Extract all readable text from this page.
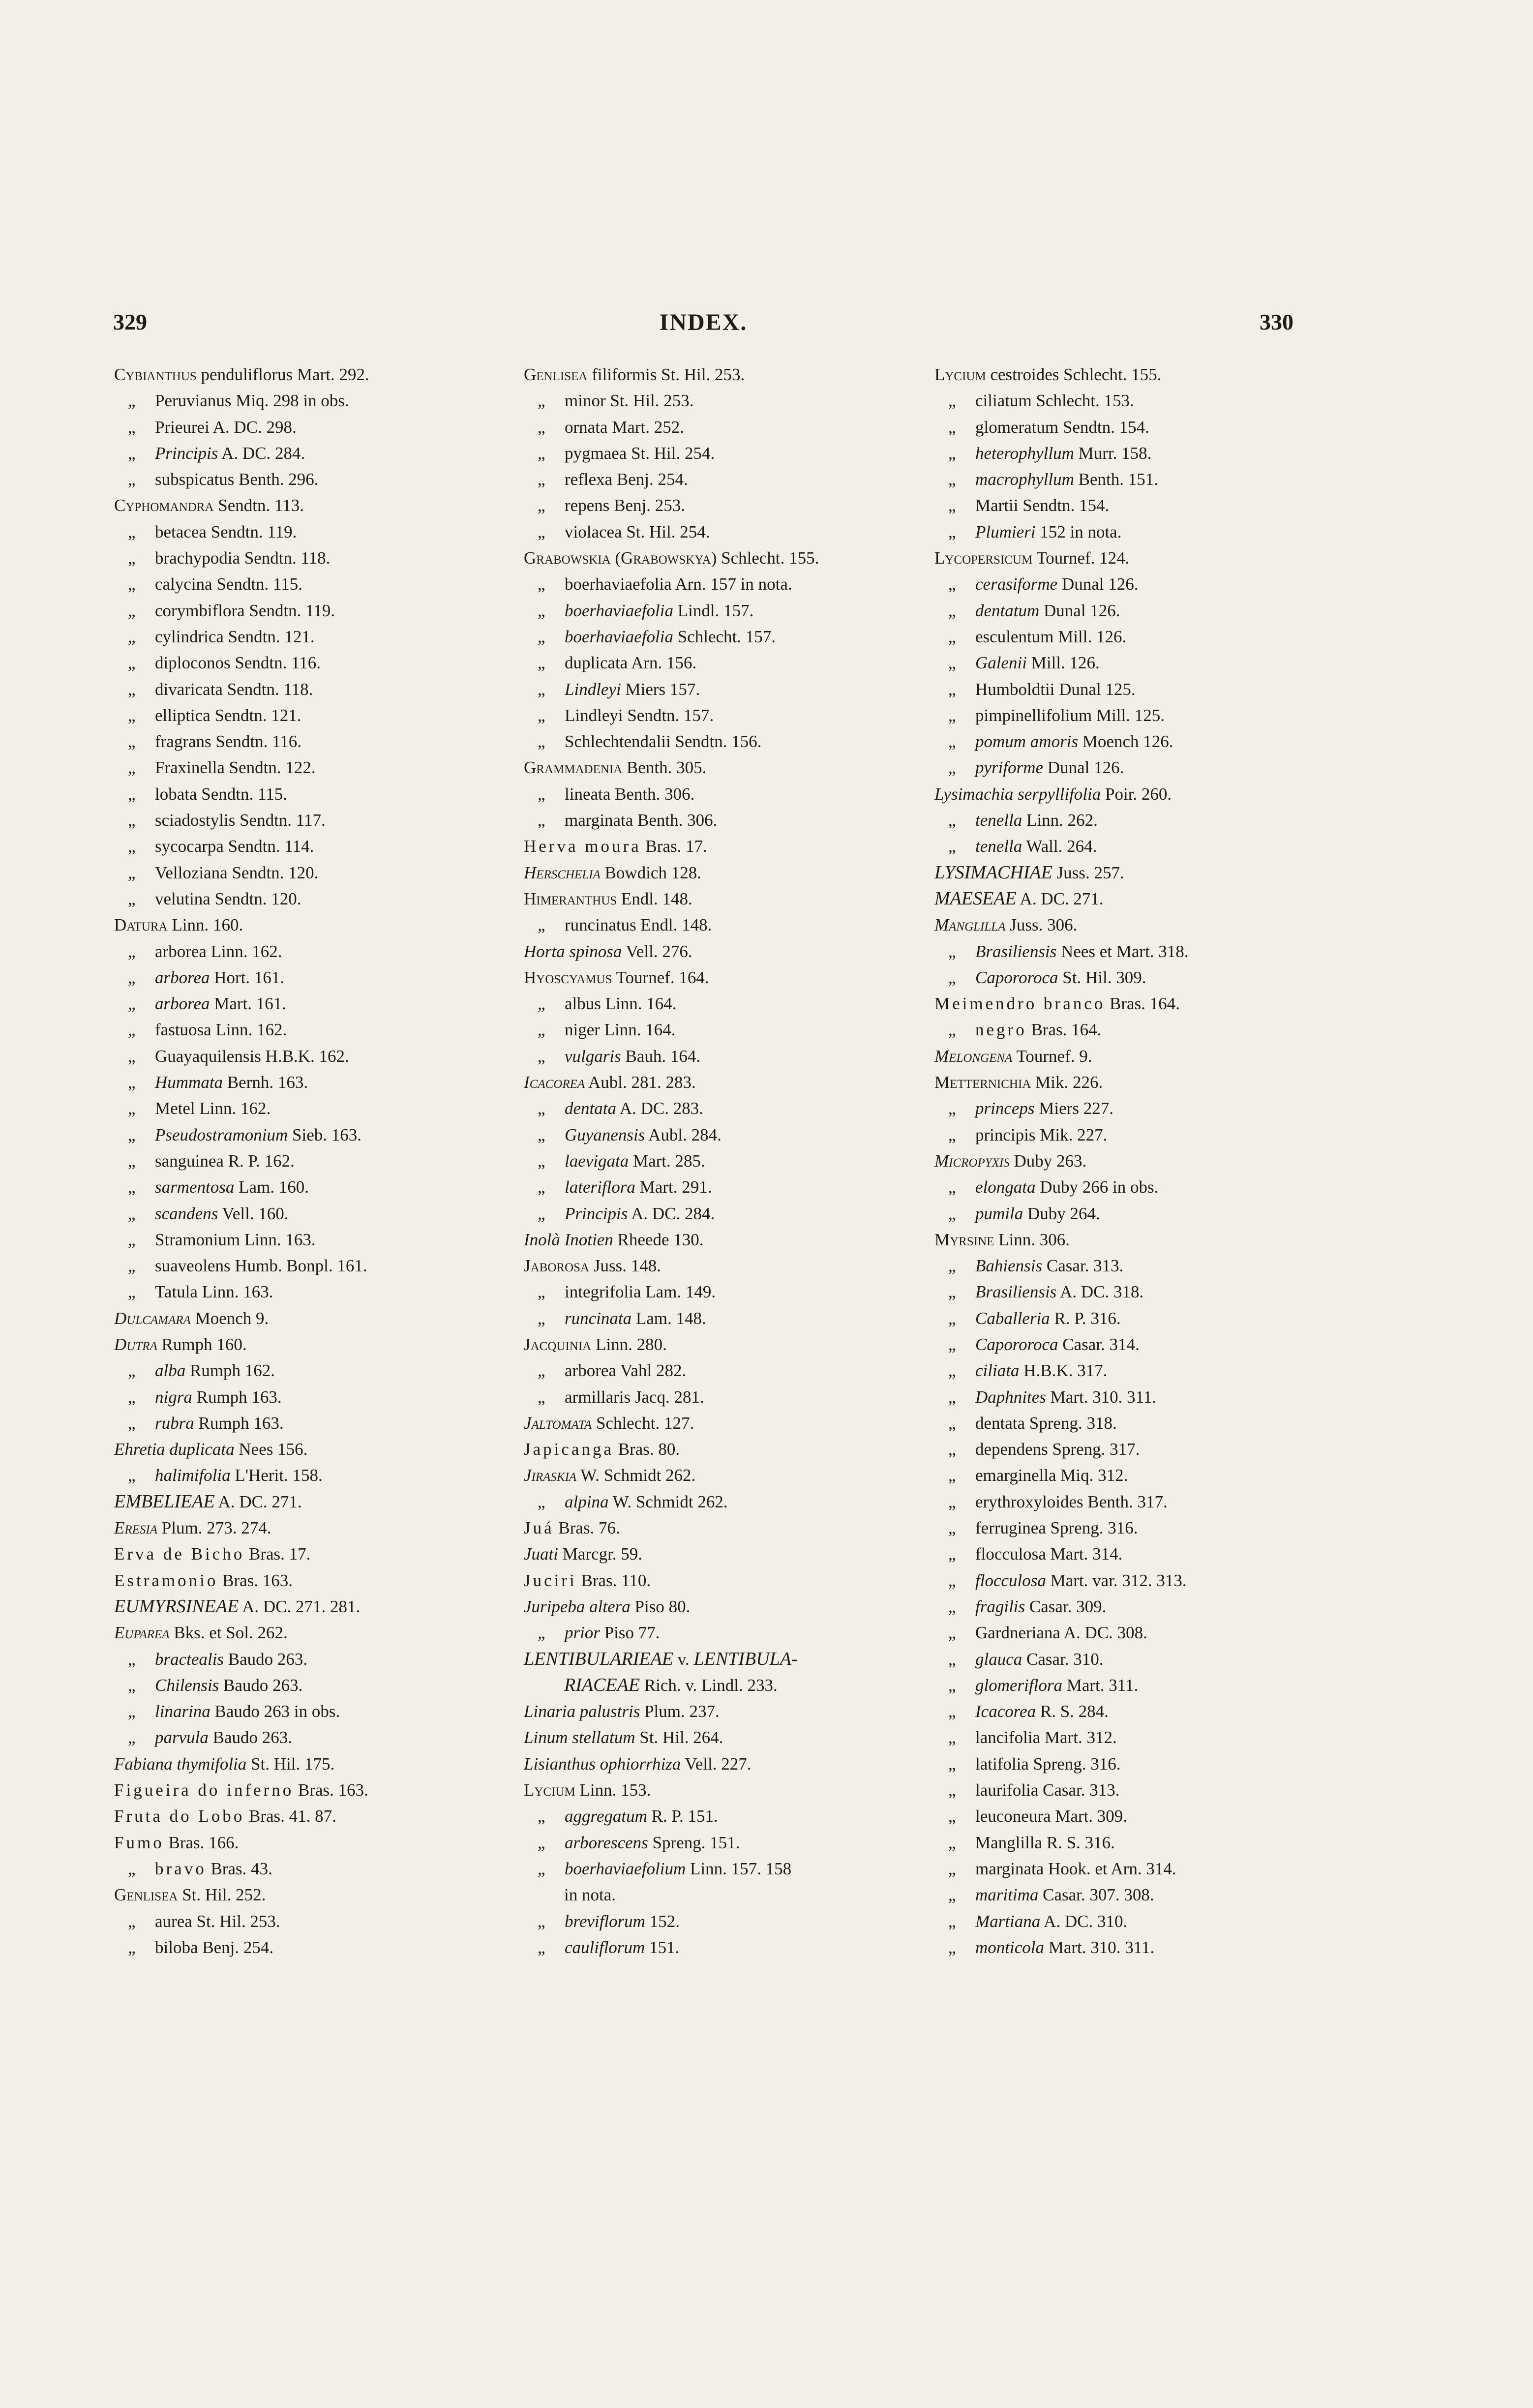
329	INDEX.	330
Cybianthus penduliflorus Mart. 292.
„ Peruvianus Miq. 298 in obs.
„ Prieurei A. DC. 298.
„ Principis A. DC. 284.
„ subspicatus Benth. 296.
Cyphomandra Sendtn. 113.
„ betacea Sendtn. 119.
„ brachypodia Sendtn. 118.
„ calycina Sendtn. 115.
„ corymbiflora Sendtn. 119.
„ cylindrica Sendtn. 121.
„ diploconos Sendtn. 116.
„ divaricata Sendtn. 118.
„ elliptica Sendtn. 121.
„ fragrans Sendtn. 116.
„ Fraxinella Sendtn. 122.
„ lobata Sendtn. 115.
„ sciadostylis Sendtn. 117.
„ sycocarpa Sendtn. 114.
„ Velloziana Sendtn. 120.
„ velutina Sendtn. 120.
Datura Linn. 160.
„ arborea Linn. 162.
„ arborea Hort. 161.
„ arborea Mart. 161.
„ fastuosa Linn. 162.
„ Guayaquilensis H.B.K. 162.
„ Hummata Bernh. 163.
„ Metel Linn. 162.
„ Pseudostramonium Sieb. 163.
„ sanguinea R. P. 162.
„ sarmentosa Lam. 160.
„ scandens Vell. 160.
„ Stramonium Linn. 163.
„ suaveolens Humb. Bonpl. 161.
„ Tatula Linn. 163.
Dulcamara Moench 9.
Dutra Rumph 160.
„ alba Rumph 162.
„ nigra Rumph 163.
„ rubra Rumph 163.
Ehretia duplicata Nees 156.
„ halimifolia L'Herit. 158.
EMBELIEAE A. DC. 271.
Eresia Plum. 273. 274.
Erva de Bicho Bras. 17.
Estramonio Bras. 163.
EUMYRSINEAE A. DC. 271. 281.
Euparea Bks. et Sol. 262.
„ bractealis Baudo 263.
„ Chilensis Baudo 263.
„ linarina Baudo 263 in obs.
„ parvula Baudo 263.
Fabiana thymifolia St. Hil. 175.
Figueira do inferno Bras. 163.
Fruta do Lobo Bras. 41. 87.
Fumo Bras. 166.
„ bravo Bras. 43.
Genlisea St. Hil. 252.
„ aurea St. Hil. 253.
„ biloba Benj. 254.
Genlisea filiformis St. Hil. 253.
„ minor St. Hil. 253.
„ ornata Mart. 252.
„ pygmaea St. Hil. 254.
„ reflexa Benj. 254.
„ repens Benj. 253.
„ violacea St. Hil. 254.
Grabowskia (Grabowskya) Schlecht. 155.
„ boerhaviaefolia Arn. 157 in nota.
„ boerhaviaefolia Lindl. 157.
„ boerhaviaefolia Schlecht. 157.
„ duplicata Arn. 156.
„ Lindleyi Miers 157.
„ Lindleyi Sendtn. 157.
„ Schlechtendalii Sendtn. 156.
Grammadenia Benth. 305.
„ lineata Benth. 306.
„ marginata Benth. 306.
Herva moura Bras. 17.
Herschelia Bowdich 128.
Himeranthus Endl. 148.
„ runcinatus Endl. 148.
Horta spinosa Vell. 276.
Hyoscyamus Tournef. 164.
„ albus Linn. 164.
„ niger Linn. 164.
„ vulgaris Bauh. 164.
Icacorea Aubl. 281. 283.
„ dentata A. DC. 283.
„ Guyanensis Aubl. 284.
„ laevigata Mart. 285.
„ lateriflora Mart. 291.
„ Principis A. DC. 284.
Inolà Inotien Rheede 130.
Jaborosa Juss. 148.
„ integrifolia Lam. 149.
„ runcinata Lam. 148.
Jacquinia Linn. 280.
„ arborea Vahl 282.
„ armillaris Jacq. 281.
Jaltomata Schlecht. 127.
Japicanga Bras. 80.
Jiraskia W. Schmidt 262.
„ alpina W. Schmidt 262.
Juá Bras. 76.
Juati Marcgr. 59.
Juciri Bras. 110.
Juripeba altera Piso 80.
„ prior Piso 77.
LENTIBULARIEAE v. LENTIBULA-
RIACEAE Rich. v. Lindl. 233.
Linaria palustris Plum. 237.
Linum stellatum St. Hil. 264.
Lisianthus ophiorrhiza Vell. 227.
Lycium Linn. 153.
„ aggregatum R. P. 151.
„ arborescens Spreng. 151.
„ boerhaviaefolium Linn. 157. 158
in nota.
„ breviflorum 152.
„ cauliflorum 151.
Lycium cestroides Schlecht. 155.
„ ciliatum Schlecht. 153.
„ glomeratum Sendtn. 154.
„ heterophyllum Murr. 158.
„ macrophyllum Benth. 151.
„ Martii Sendtn. 154.
„ Plumieri 152 in nota.
Lycopersicum Tournef. 124.
„ cerasiforme Dunal 126.
„ dentatum Dunal 126.
„ esculentum Mill. 126.
„ Galenii Mill. 126.
„ Humboldtii Dunal 125.
„ pimpinellifolium Mill. 125.
„ pomum amoris Moench 126.
„ pyriforme Dunal 126.
Lysimachia serpyllifolia Poir. 260.
„ tenella Linn. 262.
„ tenella Wall. 264.
LYSIMACHIAE Juss. 257.
MAESEAE A. DC. 271.
Manglilla Juss. 306.
„ Brasiliensis Nees et Mart. 318.
„ Capororoca St. Hil. 309.
Meimendro branco Bras. 164.
„ negro Bras. 164.
Melongena Tournef. 9.
Metternichia Mik. 226.
„ princeps Miers 227.
„ principis Mik. 227.
Micropyxis Duby 263.
„ elongata Duby 266 in obs.
„ pumila Duby 264.
Myrsine Linn. 306.
„ Bahiensis Casar. 313.
„ Brasiliensis A. DC. 318.
„ Caballeria R. P. 316.
„ Capororoca Casar. 314.
„ ciliata H.B.K. 317.
„ Daphnites Mart. 310. 311.
„ dentata Spreng. 318.
„ dependens Spreng. 317.
„ emarginella Miq. 312.
„ erythroxyloides Benth. 317.
„ ferruginea Spreng. 316.
„ flocculosa Mart. 314.
„ flocculosa Mart. var. 312. 313.
„ fragilis Casar. 309.
„ Gardneriana A. DC. 308.
„ glauca Casar. 310.
„ glomeriflora Mart. 311.
„ Icacorea R. S. 284.
„ lancifolia Mart. 312.
„ latifolia Spreng. 316.
„ laurifolia Casar. 313.
„ leuconeura Mart. 309.
„ Manglilla R. S. 316.
„ marginata Hook. et Arn. 314.
„ maritima Casar. 307. 308.
„ Martiana A. DC. 310.
„ monticola Mart. 310. 311.
